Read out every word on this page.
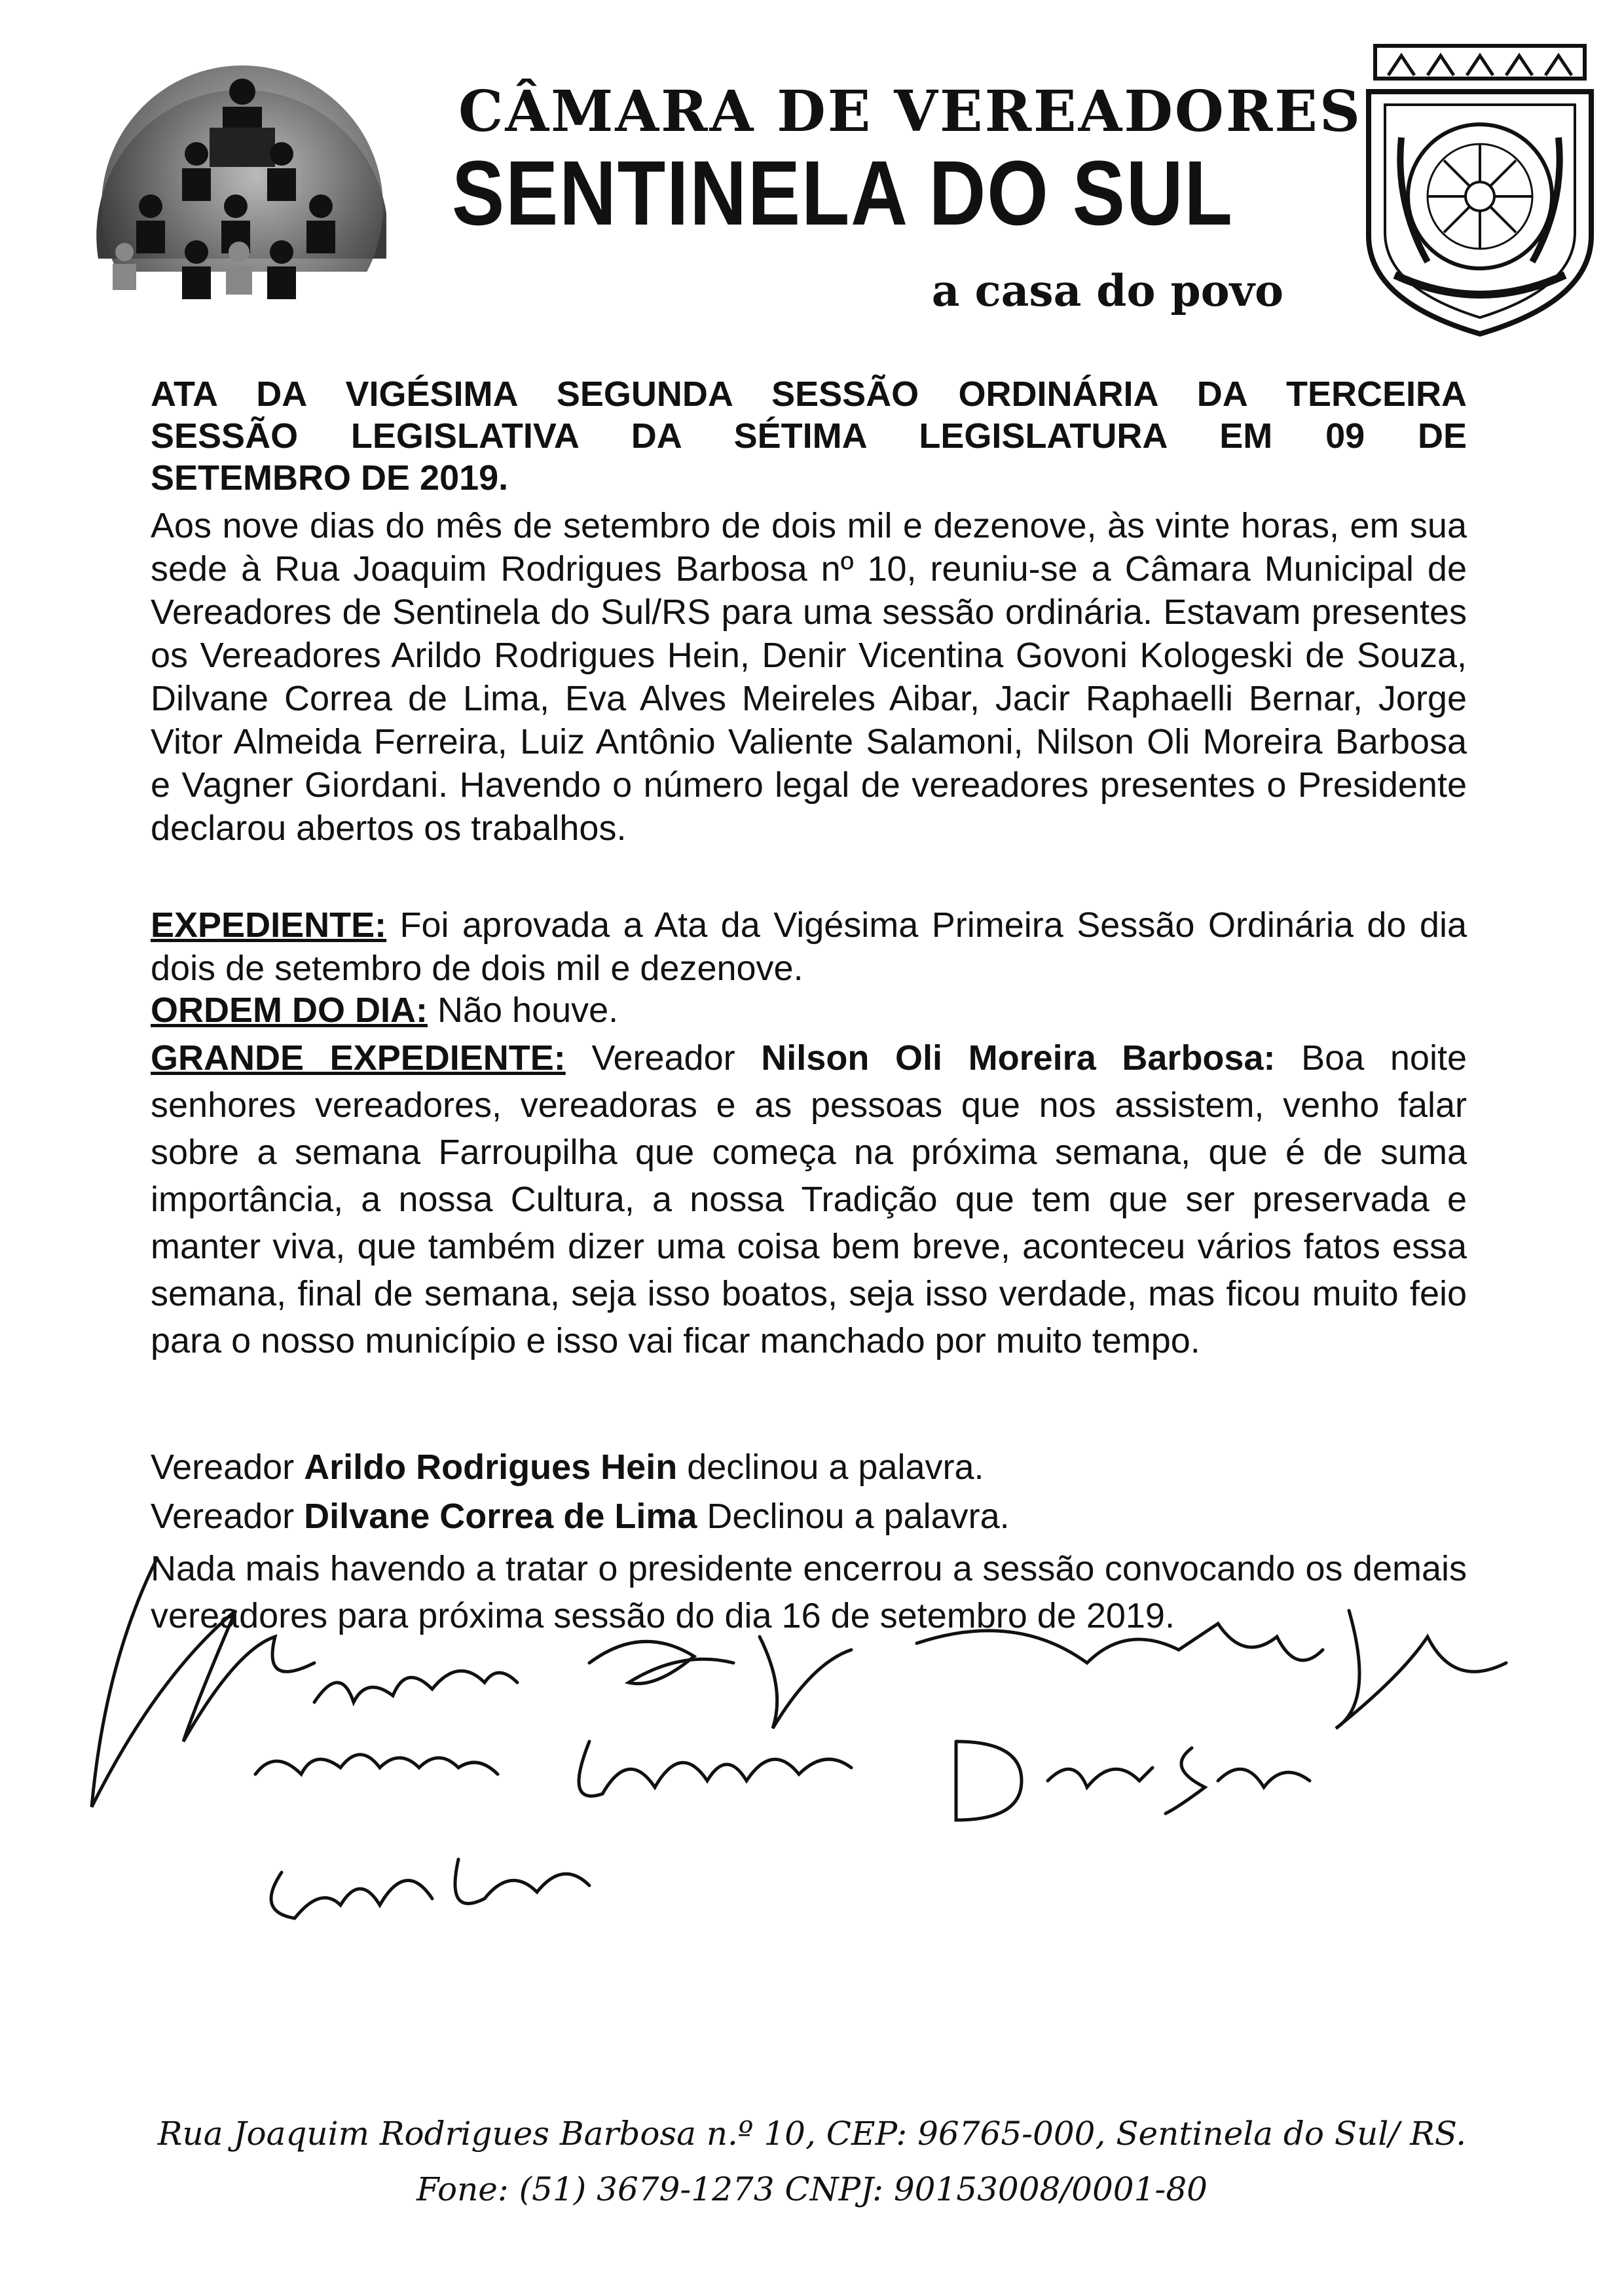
CÂMARA DE VEREADORES
SENTINELA DO SUL
a casa do povo
ATA DA VIGÉSIMA SEGUNDA SESSÃO ORDINÁRIA DA TERCEIRA
SESSÃO LEGISLATIVA DA SÉTIMA LEGISLATURA EM 09 DE
SETEMBRO DE 2019.
Aos nove dias do mês de setembro de dois mil e dezenove, às vinte horas, em sua sede à Rua Joaquim Rodrigues Barbosa nº 10, reuniu-se a Câmara Municipal de Vereadores de Sentinela do Sul/RS para uma sessão ordinária. Estavam presentes os Vereadores Arildo Rodrigues Hein, Denir Vicentina Govoni Kologeski de Souza, Dilvane Correa de Lima, Eva Alves Meireles Aibar, Jacir Raphaelli Bernar, Jorge Vitor Almeida Ferreira, Luiz Antônio Valiente Salamoni, Nilson Oli Moreira Barbosa e Vagner Giordani. Havendo o número legal de vereadores presentes o Presidente declarou abertos os trabalhos.
EXPEDIENTE: Foi aprovada a Ata da Vigésima Primeira Sessão Ordinária do dia dois de setembro de dois mil e dezenove.
ORDEM DO DIA: Não houve.
GRANDE EXPEDIENTE: Vereador Nilson Oli Moreira Barbosa: Boa noite senhores vereadores, vereadoras e as pessoas que nos assistem, venho falar sobre a semana Farroupilha que começa na próxima semana, que é de suma importância, a nossa Cultura, a nossa Tradição que tem que ser preservada e manter viva, que também dizer uma coisa bem breve, aconteceu vários fatos essa semana, final de semana, seja isso boatos, seja isso verdade, mas ficou muito feio para o nosso município e isso vai ficar manchado por muito tempo.
Vereador Arildo Rodrigues Hein declinou a palavra.
Vereador Dilvane Correa de Lima Declinou a palavra.
Nada mais havendo a tratar o presidente encerrou a sessão convocando os demais vereadores para próxima sessão do dia 16 de setembro de 2019.
Rua Joaquim Rodrigues Barbosa n.º 10, CEP: 96765-000, Sentinela do Sul/ RS.
Fone: (51) 3679-1273 CNPJ: 90153008/0001-80
